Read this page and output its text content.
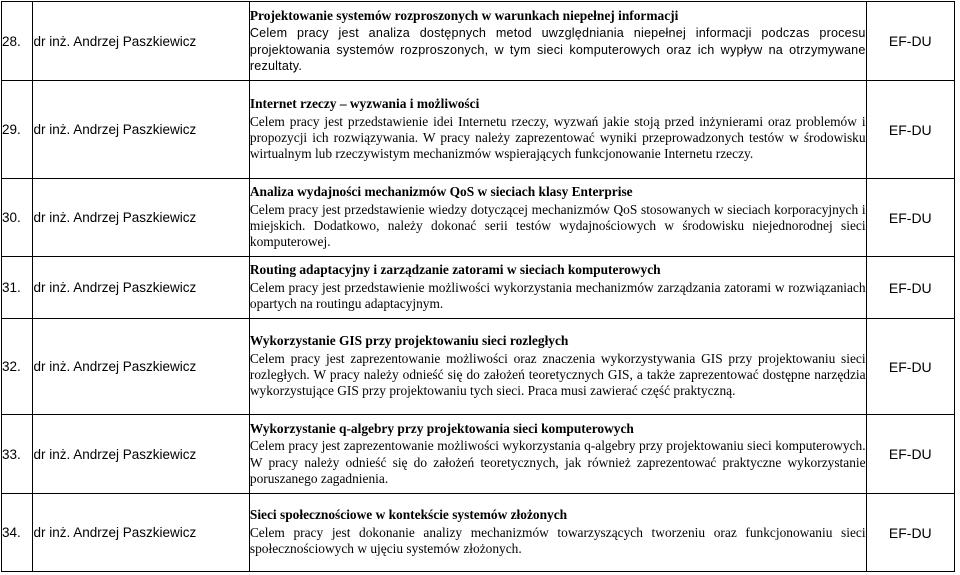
28.	dr inż. Andrzej Paszkiewicz	Projektowanie systemów rozproszonych w warunkach niepełnej informacji
Celem pracy jest analiza dostępnych metod uwzględniania niepełnej informacji podczas procesu projektowania systemów rozproszonych, w tym sieci komputerowych oraz ich wypływ na otrzymywane rezultaty.	EF-DU
29.	dr inż. Andrzej Paszkiewicz	Internet rzeczy – wyzwania i możliwości
Celem pracy jest przedstawienie idei Internetu rzeczy, wyzwań jakie stoją przed inżynierami oraz problemów i propozycji ich rozwiązywania. W pracy należy zaprezentować wyniki przeprowadzonych testów w środowisku wirtualnym lub rzeczywistym mechanizmów wspierających funkcjonowanie Internetu rzeczy.	EF-DU
30.	dr inż. Andrzej Paszkiewicz	Analiza wydajności mechanizmów QoS w sieciach klasy Enterprise
Celem pracy jest przedstawienie wiedzy dotyczącej mechanizmów QoS stosowanych w sieciach korporacyjnych i miejskich. Dodatkowo, należy dokonać serii testów wydajnościowych w środowisku niejednorodnej sieci komputerowej.	EF-DU
31.	dr inż. Andrzej Paszkiewicz	Routing adaptacyjny i zarządzanie zatorami w sieciach komputerowych
Celem pracy jest przedstawienie możliwości wykorzystania mechanizmów zarządzania zatorami w rozwiązaniach opartych na routingu adaptacyjnym.	EF-DU
32.	dr inż. Andrzej Paszkiewicz	Wykorzystanie GIS przy projektowaniu sieci rozległych
Celem pracy jest zaprezentowanie możliwości oraz znaczenia wykorzystywania GIS przy projektowaniu sieci rozległych. W pracy należy odnieść się do założeń teoretycznych GIS, a także zaprezentować dostępne narzędzia wykorzystujące GIS przy projektowaniu tych sieci. Praca musi zawierać część praktyczną.	EF-DU
33.	dr inż. Andrzej Paszkiewicz	Wykorzystanie q-algebry przy projektowania sieci komputerowych
Celem pracy jest zaprezentowanie możliwości wykorzystania q-algebry przy projektowaniu sieci komputerowych. W pracy należy odnieść się do założeń teoretycznych, jak również zaprezentować praktyczne wykorzystanie poruszanego zagadnienia.	EF-DU
34.	dr inż. Andrzej Paszkiewicz	Sieci społecznościowe w kontekście systemów złożonych
Celem pracy jest dokonanie analizy mechanizmów towarzyszących tworzeniu oraz funkcjonowaniu sieci społecznościowych w ujęciu systemów złożonych.	EF-DU
